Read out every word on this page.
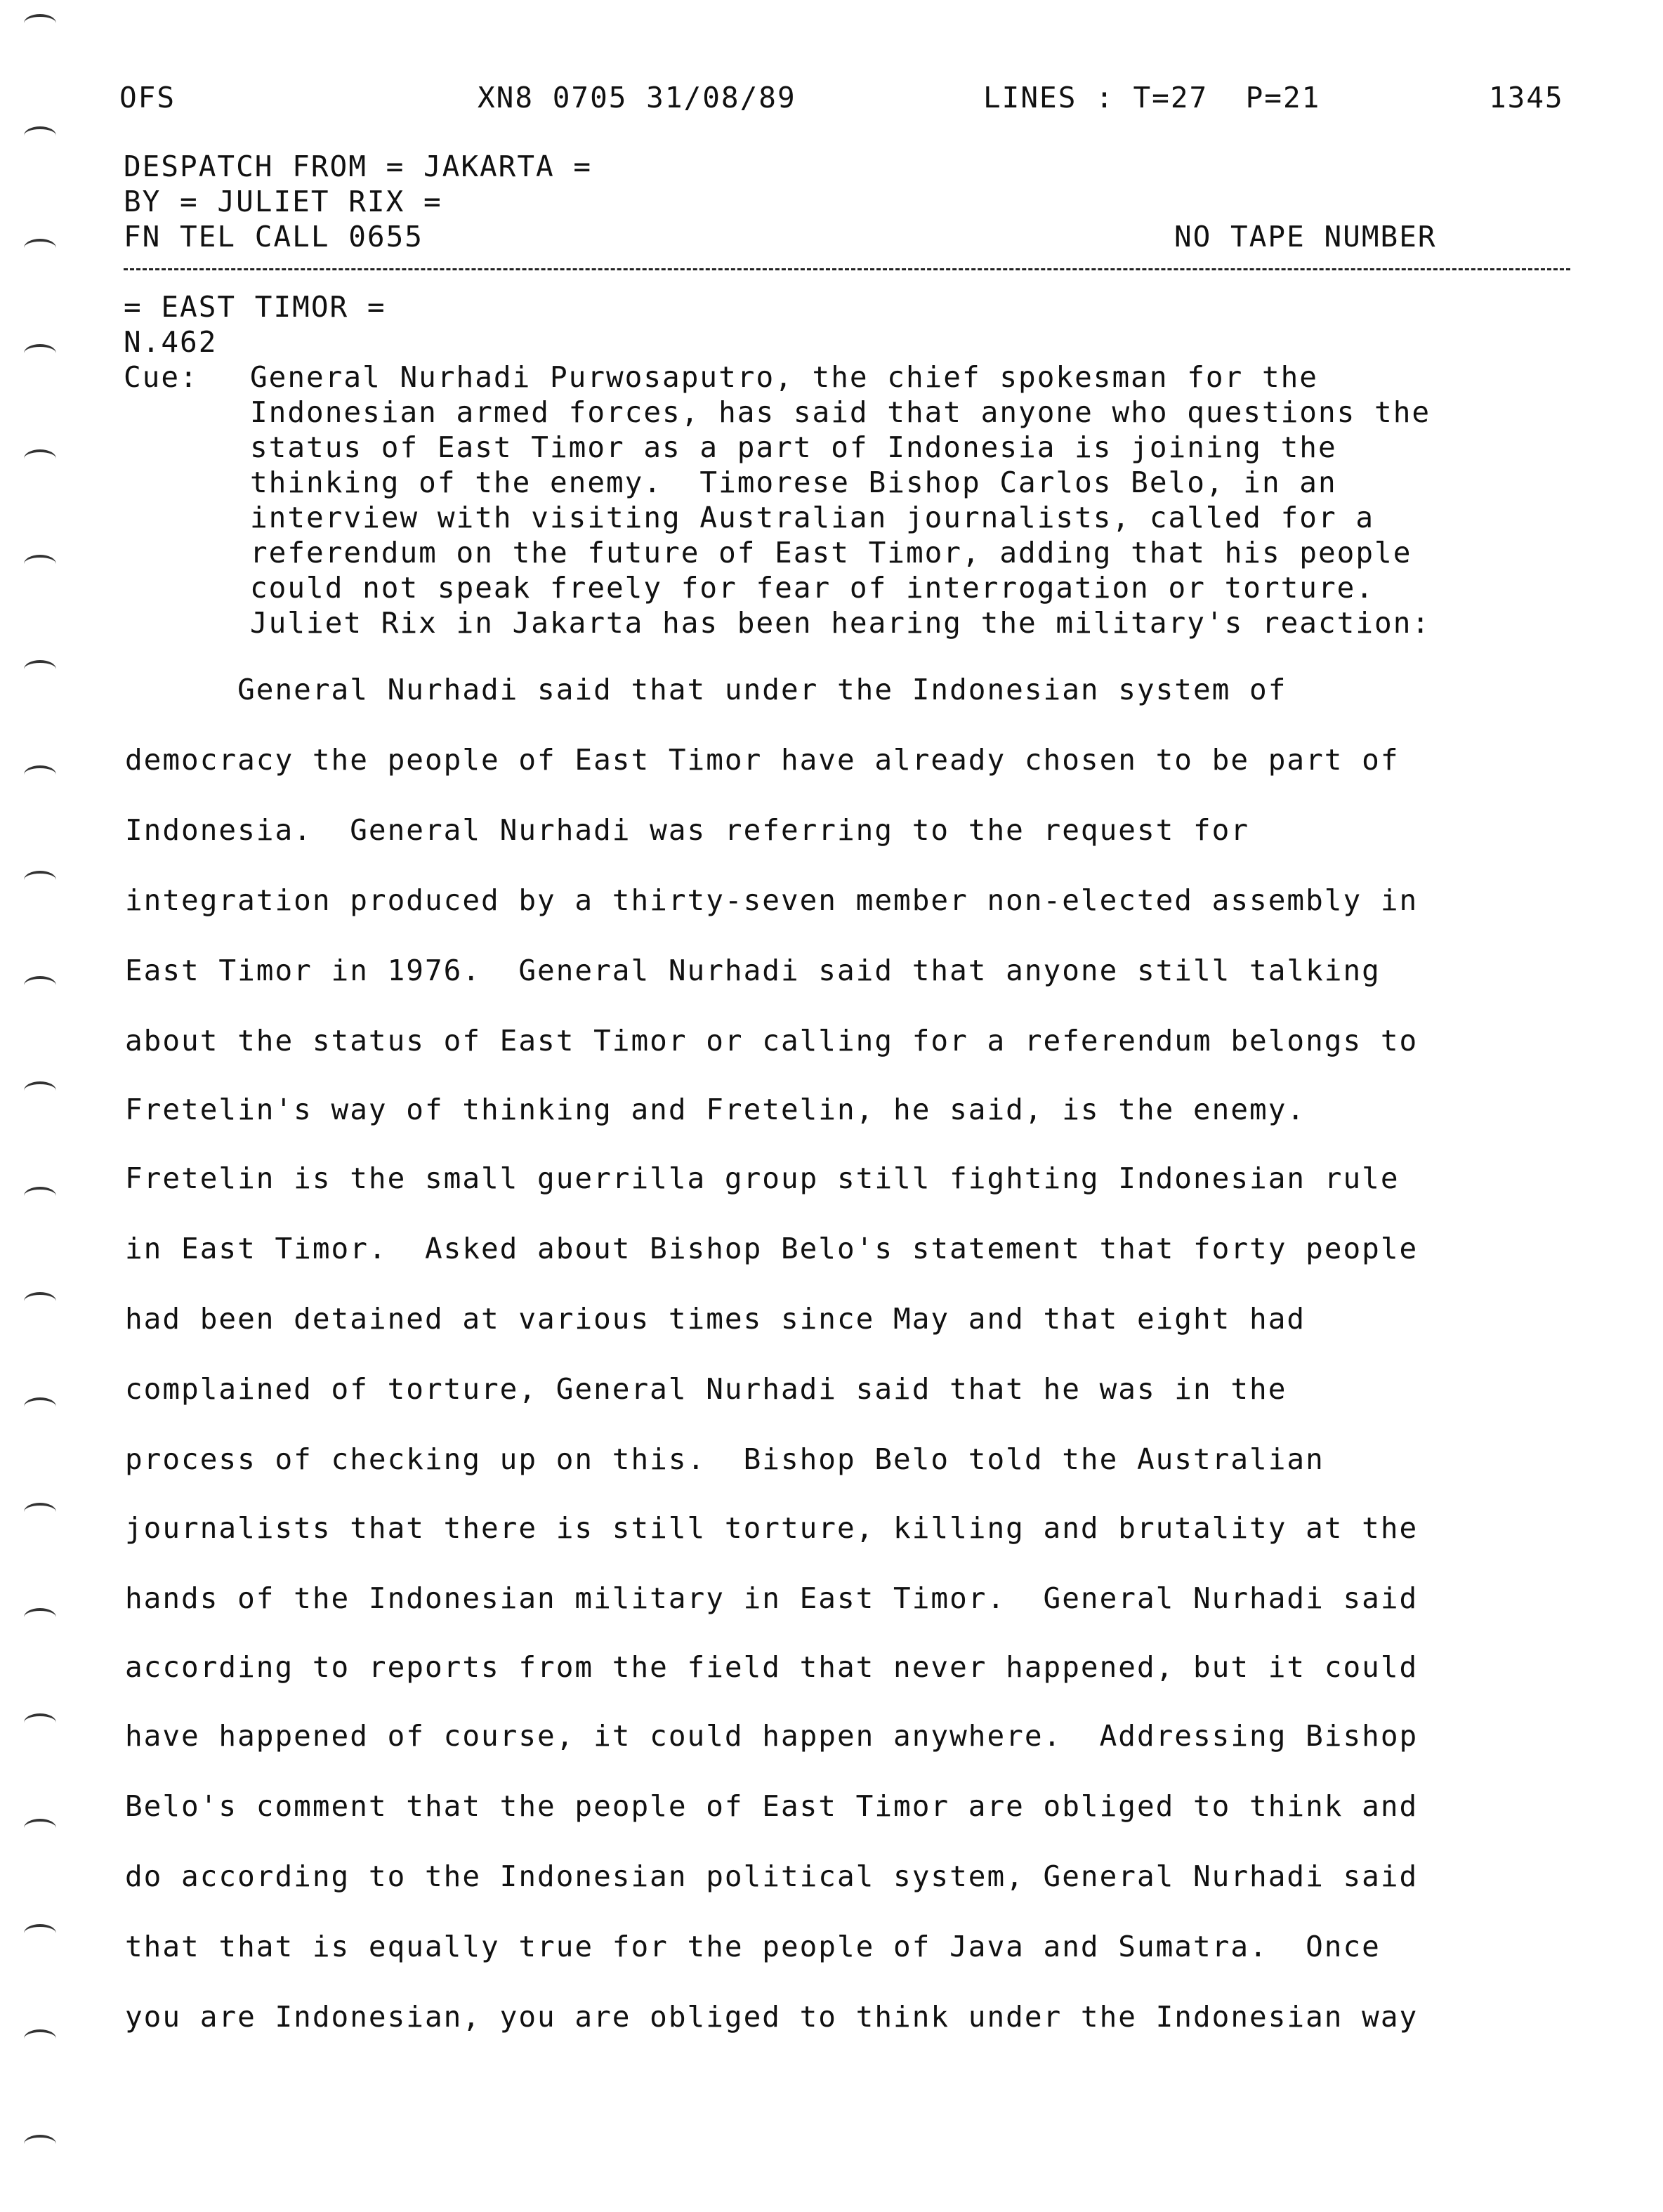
OFS	XN8 0705 31/08/89	LINES : T=27  P=21	1345
DESPATCH FROM = JAKARTA =
BY = JULIET RIX =
FN TEL CALL 0655	NO TAPE NUMBER
= EAST TIMOR =
N.462
Cue: General Nurhadi Purwosaputro, the chief spokesman for the
Indonesian armed forces, has said that anyone who questions the
status of East Timor as a part of Indonesia is joining the
thinking of the enemy.  Timorese Bishop Carlos Belo, in an
interview with visiting Australian journalists, called for a
referendum on the future of East Timor, adding that his people
could not speak freely for fear of interrogation or torture.
Juliet Rix in Jakarta has been hearing the military's reaction:
General Nurhadi said that under the Indonesian system of
democracy the people of East Timor have already chosen to be part of
Indonesia.  General Nurhadi was referring to the request for
integration produced by a thirty-seven member non-elected assembly in
East Timor in 1976.  General Nurhadi said that anyone still talking
about the status of East Timor or calling for a referendum belongs to
Fretelin's way of thinking and Fretelin, he said, is the enemy.
Fretelin is the small guerrilla group still fighting Indonesian rule
in East Timor.  Asked about Bishop Belo's statement that forty people
had been detained at various times since May and that eight had
complained of torture, General Nurhadi said that he was in the
process of checking up on this.  Bishop Belo told the Australian
journalists that there is still torture, killing and brutality at the
hands of the Indonesian military in East Timor.  General Nurhadi said
according to reports from the field that never happened, but it could
have happened of course, it could happen anywhere.  Addressing Bishop
Belo's comment that the people of East Timor are obliged to think and
do according to the Indonesian political system, General Nurhadi said
that that is equally true for the people of Java and Sumatra.  Once
you are Indonesian, you are obliged to think under the Indonesian way
